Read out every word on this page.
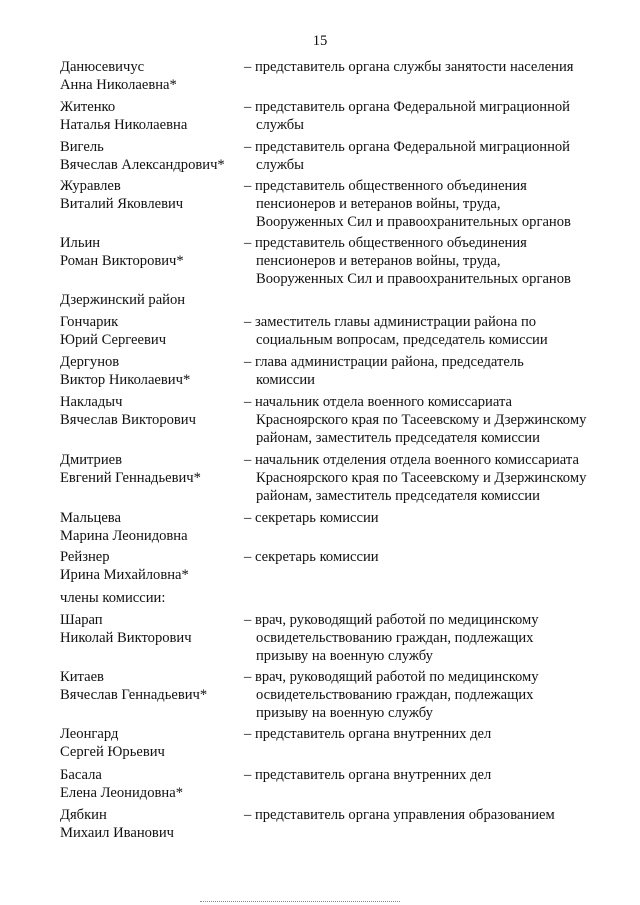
15
Данюсевичус
Анна Николаевна*
– представитель органа службы занятости населения
Житенко
Наталья Николаевна
– представитель органа Федеральной миграционной
службы
Вигель
Вячеслав Александрович*
– представитель органа Федеральной миграционной
службы
Журавлев
Виталий Яковлевич
– представитель общественного объединения
пенсионеров и ветеранов войны, труда,
Вооруженных Сил и правоохранительных органов
Ильин
Роман Викторович*
– представитель общественного объединения
пенсионеров и ветеранов войны, труда,
Вооруженных Сил и правоохранительных органов
Дзержинский район
Гончарик
Юрий Сергеевич
– заместитель главы администрации района по
социальным вопросам, председатель комиссии
Дергунов
Виктор Николаевич*
– глава администрации района, председатель
комиссии
Накладыч
Вячеслав Викторович
– начальник отдела военного комиссариата
Красноярского края по Тасеевскому и Дзержинскому
районам, заместитель председателя комиссии
Дмитриев
Евгений Геннадьевич*
– начальник отделения отдела военного комиссариата
Красноярского края по Тасеевскому и Дзержинскому
районам, заместитель председателя комиссии
Мальцева
Марина Леонидовна
– секретарь комиссии
Рейзнер
Ирина Михайловна*
– секретарь комиссии
члены комиссии:
Шарап
Николай Викторович
– врач, руководящий работой по медицинскому
освидетельствованию граждан, подлежащих
призыву на военную службу
Китаев
Вячеслав Геннадьевич*
– врач, руководящий работой по медицинскому
освидетельствованию граждан, подлежащих
призыву на военную службу
Леонгард
Сергей Юрьевич
– представитель органа внутренних дел
Басала
Елена Леонидовна*
– представитель органа внутренних дел
Дябкин
Михаил Иванович
– представитель органа управления образованием
